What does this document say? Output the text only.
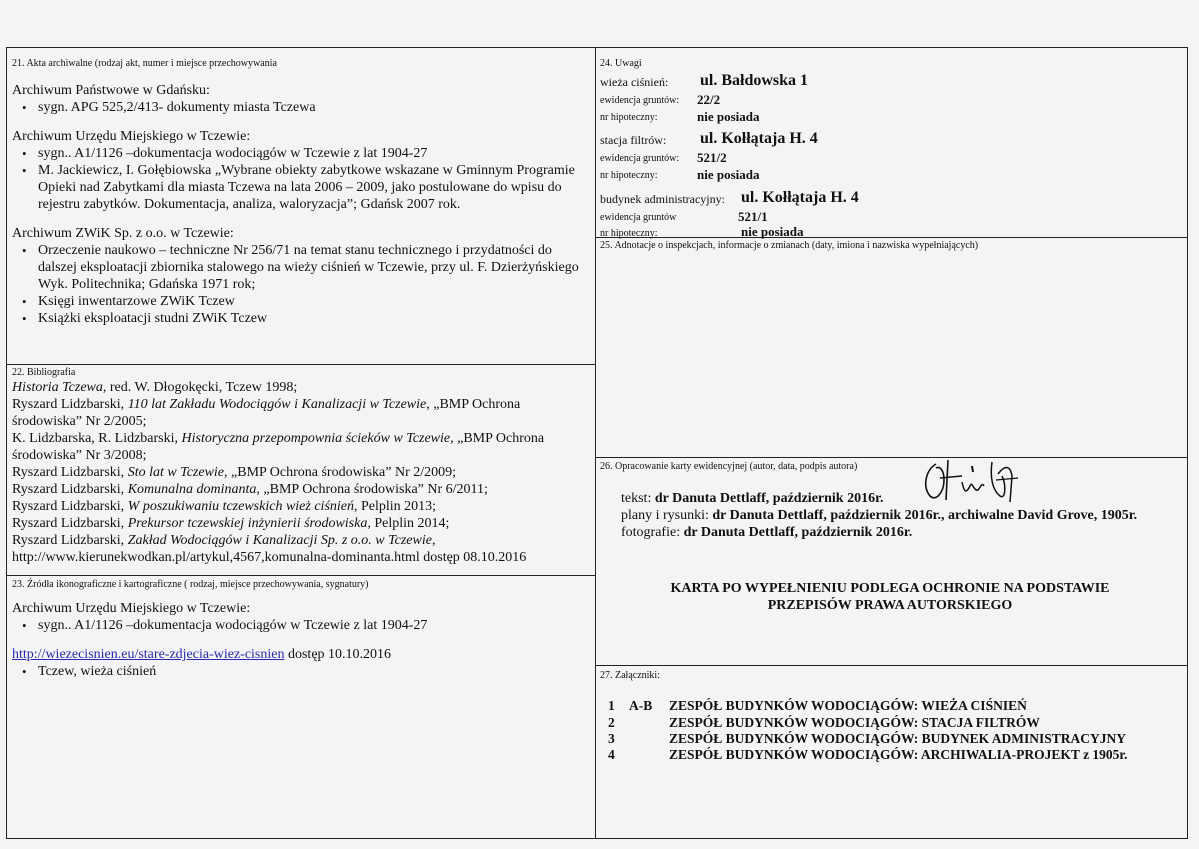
21. Akta archiwalne (rodzaj akt, numer i miejsce przechowywania
Archiwum Państwowe w Gdańsku:
• sygn. APG 525,2/413- dokumenty miasta Tczewa
Archiwum Urzędu Miejskiego w Tczewie:
• sygn.. A1/1126 –dokumentacja wodociągów w Tczewie z lat 1904-27
• M. Jackiewicz, I. Gołębiowska „Wybrane obiekty zabytkowe wskazane w Gminnym Programie Opieki nad Zabytkami dla miasta Tczewa na lata 2006 – 2009, jako postulowane do wpisu do rejestru zabytków. Dokumentacja, analiza, waloryzacja”; Gdańsk 2007 rok.
Archiwum ZWiK Sp. z o.o. w Tczewie:
• Orzeczenie naukowo – techniczne Nr 256/71 na temat stanu technicznego i przydatności do dalszej eksploatacji zbiornika stalowego na wieży ciśnień w Tczewie, przy ul. F. Dzierżyńskiego Wyk. Politechnika; Gdańska 1971 rok;
• Księgi inwentarzowe ZWiK Tczew
• Książki eksploatacji studni ZWiK Tczew
22. Bibliografia
Historia Tczewa, red. W. Dłogokęcki, Tczew 1998;
Ryszard Lidzbarski, 110 lat Zakładu Wodociągów i Kanalizacji w Tczewie, „BMP Ochrona środowiska” Nr 2/2005;
K. Lidzbarska, R. Lidzbarski, Historyczna przepompownia ścieków w Tczewie, „BMP Ochrona środowiska” Nr 3/2008;
Ryszard Lidzbarski, Sto lat w Tczewie, „BMP Ochrona środowiska” Nr 2/2009;
Ryszard Lidzbarski, Komunalna dominanta, „BMP Ochrona środowiska” Nr 6/2011;
Ryszard Lidzbarski, W poszukiwaniu tczewskich wież ciśnień, Pelplin 2013;
Ryszard Lidzbarski, Prekursor tczewskiej inżynierii środowiska, Pelplin 2014;
Ryszard Lidzbarski, Zakład Wodociągów i Kanalizacji Sp. z o.o. w Tczewie,
http://www.kierunekwodkan.pl/artykul,4567,komunalna-dominanta.html dostęp 08.10.2016
23. Źródła ikonograficzne i kartograficzne ( rodzaj, miejsce przechowywania, sygnatury)
Archiwum Urzędu Miejskiego w Tczewie:
• sygn.. A1/1126 –dokumentacja wodociągów w Tczewie z lat 1904-27
http://wiezecisnien.eu/stare-zdjecia-wiez-cisnien dostęp 10.10.2016
• Tczew, wieża ciśnień
24. Uwagi
wieża ciśnień: ul. Bałdowska 1
ewidencja gruntów: 22/2
nr hipoteczny:	nie posiada
stacja filtrów: ul. Kołłątaja H. 4
ewidencja gruntów: 521/2
nr hipoteczny:	nie posiada
budynek administracyjny: ul. Kołłątaja H. 4
ewidencja gruntów	521/1
nr hipoteczny:	nie posiada
25. Adnotacje o inspekcjach, informacje o zmianach (daty, imiona i nazwiska wypełniających)
26. Opracowanie karty ewidencyjnej (autor, data, podpis autora)
tekst: dr Danuta Dettlaff, październik 2016r.
plany i rysunki: dr Danuta Dettlaff, październik 2016r., archiwalne David Grove, 1905r.
fotografie: dr Danuta Dettlaff, październik 2016r.
KARTA PO WYPEŁNIENIU PODLEGA OCHRONIE NA PODSTAWIE
PRZEPISÓW PRAWA AUTORSKIEGO
27. Załączniki:
1 A-B ZESPÓŁ BUDYNKÓW WODOCIĄGÓW: WIEŻA CIŚNIEŃ
2	ZESPÓŁ BUDYNKÓW WODOCIĄGÓW: STACJA FILTRÓW
3	ZESPÓŁ BUDYNKÓW WODOCIĄGÓW: BUDYNEK ADMINISTRACYJNY
4	ZESPÓŁ BUDYNKÓW WODOCIĄGÓW: ARCHIWALIA-PROJEKT z 1905r.
